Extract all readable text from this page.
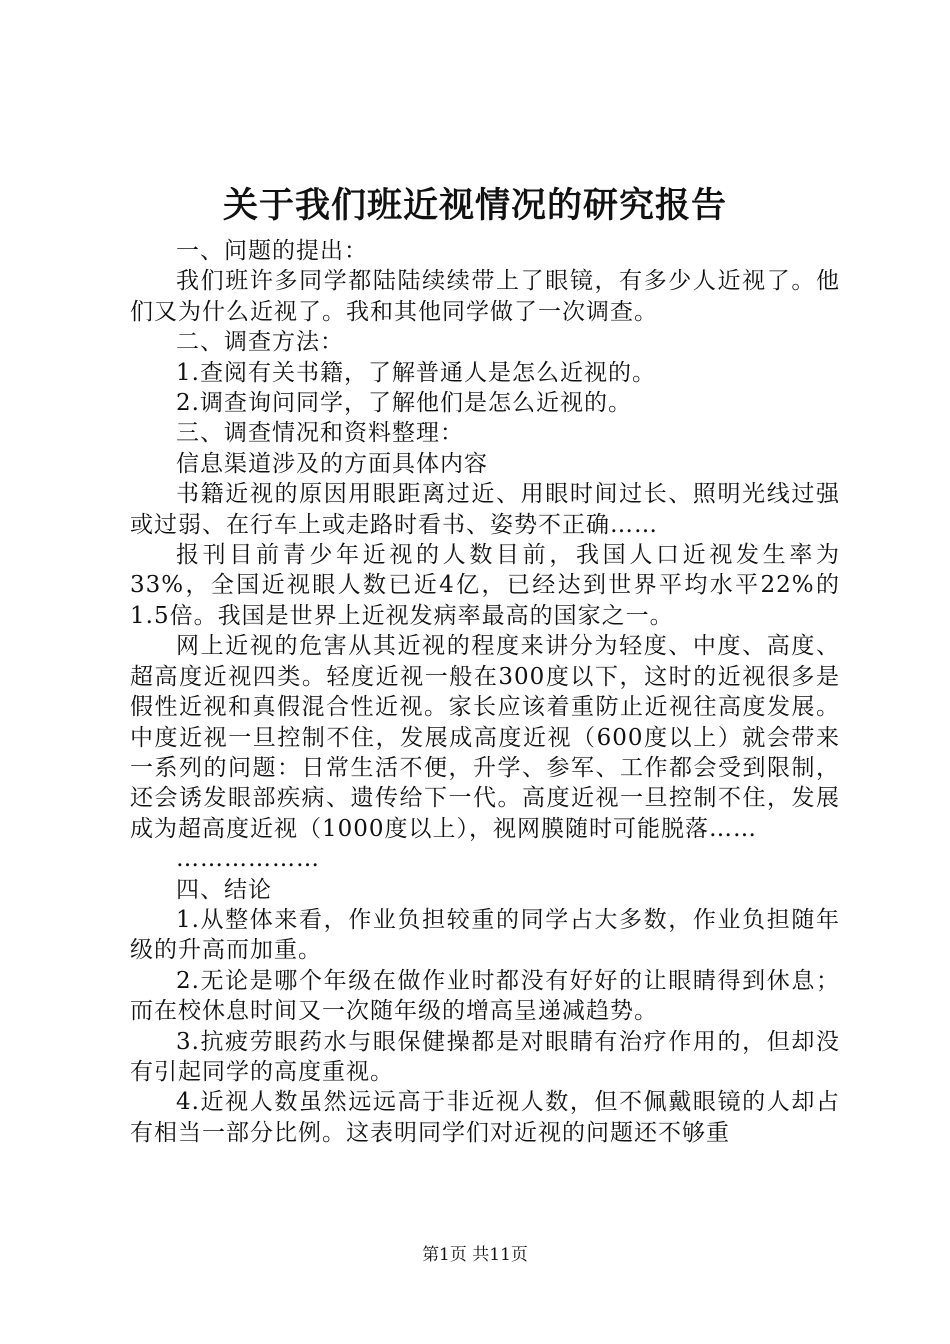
关于我们班近视情况的研究报告

一、问题的提出：

我们班许多同学都陆陆续续带上了眼镜，有多少人近视了。他们又为什么近视了。我和其他同学做了一次调查。

二、调查方法：

1.查阅有关书籍，了解普通人是怎么近视的。

2.调查询问同学，了解他们是怎么近视的。

三、调查情况和资料整理：

信息渠道涉及的方面具体内容

书籍近视的原因用眼距离过近、用眼时间过长、照明光线过强或过弱、在行车上或走路时看书、姿势不正确……

报刊目前青少年近视的人数目前，我国人口近视发生率为33%，全国近视眼人数已近4亿，已经达到世界平均水平22%的1.5倍。我国是世界上近视发病率最高的国家之一。

网上近视的危害从其近视的程度来讲分为轻度、中度、高度、超高度近视四类。轻度近视一般在300度以下，这时的近视很多是假性近视和真假混合性近视。家长应该着重防止近视往高度发展。中度近视一旦控制不住，发展成高度近视（600度以上）就会带来一系列的问题：日常生活不便，升学、参军、工作都会受到限制，还会诱发眼部疾病、遗传给下一代。高度近视一旦控制不住，发展成为超高度近视（1000度以上），视网膜随时可能脱落……

………………

四、结论

1.从整体来看，作业负担较重的同学占大多数，作业负担随年级的升高而加重。

2.无论是哪个年级在做作业时都没有好好的让眼睛得到休息；而在校休息时间又一次随年级的增高呈递减趋势。

3.抗疲劳眼药水与眼保健操都是对眼睛有治疗作用的，但却没有引起同学的高度重视。

4.近视人数虽然远远高于非近视人数，但不佩戴眼镜的人却占有相当一部分比例。这表明同学们对近视的问题还不够重

第1页 共11页
